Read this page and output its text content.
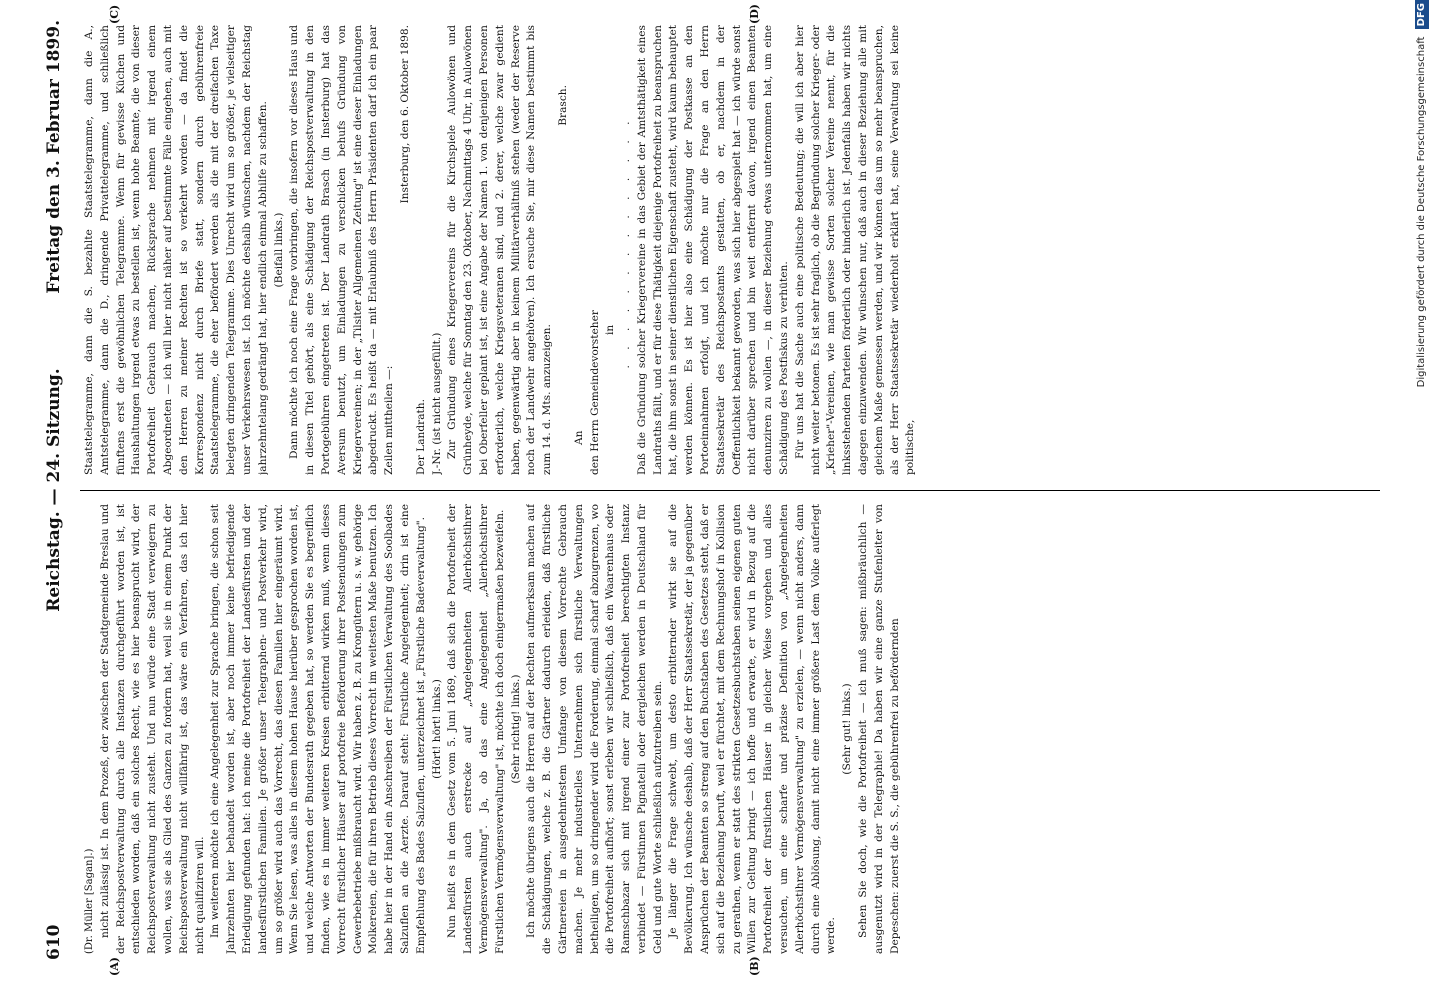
610
Reichstag. — 24. Sitzung.
Freitag den 3. Februar 1899.
(A)	(B)
(C)	(D)

(Dr. Müller [Sagan].) nicht zulässig ist. In dem Prozeß, der zwischen der Stadtgemeinde Breslau und der Reichspostverwaltung durch alle Instanzen durchgeführt worden ist, ist entschieden worden, daß ein solches Recht, wie es hier beansprucht wird, der Reichspostverwaltung nicht zusteht. Und nun würde eine Stadt verweigern zu wollen, was sie als Glied des Ganzen zu fordern hat, weil sie in einem Punkt der Reichspostverwaltung nicht willfährig ist, das wäre ein Verfahren, das ich hier nicht qualifiziren will. Im weiteren möchte ich eine Angelegenheit zur Sprache bringen, die schon seit Jahrzehnten hier behandelt worden ist, aber noch immer keine befriedigende Erledigung gefunden hat: ich meine die Portofreiheit der Landesfürsten und der landesfürstlichen Familien. Je größer unser Telegraphen- und Postverkehr wird, um so größer wird auch das Vorrecht, das diesen Familien hier eingeräumt wird. Wenn Sie lesen, was alles in diesem hohen Hause hierüber gesprochen worden ist, und welche Antworten der Bundesrath gegeben hat, so werden Sie es begreiflich finden, wie es in immer weiteren Kreisen erbitternd wirken muß, wenn dieses Vorrecht fürstlicher Häuser auf portofreie Beförderung ihrer Postsendungen zum Gewerbebetriebe mißbraucht wird. Wir haben z. B. zu Krongütern u. s. w. gehörige Molkereien, die für ihren Betrieb dieses Vorrecht im weitesten Maße benutzen. Ich habe hier in der Hand ein Anschreiben der Fürstlichen Verwaltung des Soolbades Salzuflen an die Aerzte. Darauf steht: Fürstliche Angelegenheit; drin ist eine Empfehlung des Bades Salzuflen, unterzeichnet ist „Fürstliche Badeverwaltung". (Hört! hört! links.) Nun heißt es in dem Gesetz vom 5. Juni 1869, daß sich die Portofreiheit der Landesfürsten auch erstrecke auf „Angelegenheiten Allerhöchstihrer Vermögensverwaltung". Ja, ob das eine Angelegenheit „Allerhöchstihrer Fürstlichen Vermögensverwaltung" ist, möchte ich doch einigermaßen bezweifeln. (Sehr richtig! links.) Ich möchte übrigens auch die Herren auf der Rechten aufmerksam machen auf die Schädigungen, welche z. B. die Gärtner dadurch erleiden, daß fürstliche Gärtnereien in ausgedehntestem Umfange von diesem Vorrechte Gebrauch machen. Je mehr industrielles Unternehmen sich fürstliche Verwaltungen betheiligen, um so dringender wird die Forderung, einmal scharf abzugrenzen, wo die Portofreiheit aufhört; sonst erleben wir schließlich, daß ein Waarenhaus oder Ramschbazar sich mit irgend einer zur Portofreiheit berechtigten Instanz verbindet — Fürstinnen Pignatelli oder dergleichen werden in Deutschland für Geld und gute Worte schließlich aufzutreiben sein. Je länger die Frage schwebt, um desto erbitternder wirkt sie auf die Bevölkerung. Ich wünsche deshalb, daß der Herr Staatssekretär, der ja gegenüber Ansprüchen der Beamten so streng auf den Buchstaben des Gesetzes steht, daß er sich auf die Beziehung beruft, weil er fürchtet, mit dem Rechnungshof in Kollision zu gerathen, wenn er statt des strikten Gesetzesbuchstaben seinen eigenen guten Willen zur Geltung bringt — ich hoffe und erwarte, er wird in Bezug auf die Portofreiheit der fürstlichen Häuser in gleicher Weise vorgehen und alles versuchen, um eine scharfe und präzise Definition von „Angelegenheiten Allerhöchstihrer Vermögensverwaltung" zu erzielen, — wenn nicht anders, dann durch eine Ablösung, damit nicht eine immer größere Last dem Volke auferlegt werde.

(Sehr gut! links.) Sehen Sie doch, wie die Portofreiheit — ich muß sagen: mißbräuchlich — ausgenutzt wird in der Telegraphie! Da haben wir eine ganze Stufenleiter von Depeschen: zuerst die S. S., die gebührenfrei zu befördernden

Staatstelegramme, dann die S. bezahlte Staatstelegramme, dann die A., Amtstelegramme, dann die D., dringende Privattelegramme, und schließlich fünftens erst die gewöhnlichen Telegramme. Wenn für gewisse Küchen und Haushaltungen irgend etwas zu bestellen ist, wenn hohe Beamte, die von dieser Portofreiheit Gebrauch machen, Rücksprache nehmen mit irgend einem Abgeordneten — ich will hier nicht näher auf bestimmte Fälle eingehen, auch mit den Herren zu meiner Rechten ist so verkehrt worden — da findet die Korrespondenz nicht durch Briefe statt, sondern durch gebührenfreie Staatstelegramme, die eher befördert werden als die mit der dreifachen Taxe belegten dringenden Telegramme. Dies Unrecht wird um so größer, je vielseitiger unser Verkehrswesen ist. Ich möchte deshalb wünschen, nachdem der Reichstag jahrzehntelang gedrängt hat, hier endlich einmal Abhilfe zu schaffen. (Beifall links.) Dann möchte ich noch eine Frage vorbringen, die insofern vor dieses Haus und in diesen Titel gehört, als eine Schädigung der Reichspostverwaltung in den Portogebühren eingetreten ist. Der Landrath Brasch (in Insterburg) hat das Aversum benutzt, um Einladungen zu verschicken behufs Gründung von Kriegervereinen; in der „Tilsiter Allgemeinen Zeitung" ist eine dieser Einladungen abgedruckt. Es heißt da — mit Erlaubniß des Herrn Präsidenten darf ich ein paar Zeilen mittheilen —:

Insterburg, den 6. Oktober 1898.

Der Landrath. J.-Nr. (ist nicht ausgefüllt.) Zur Gründung eines Kriegervereins für die Kirchspiele Aulowönen und Grünheyde, welche für Sonntag den 23. Oktober, Nachmittags 4 Uhr, in Aulowönen bei Oberfeller geplant ist, ist eine Angabe der Namen 1. von denjenigen Personen erforderlich, welche Kriegsveteranen sind, und 2. derer, welche zwar gedient haben, gegenwärtig aber in keinem Militärverhältniß stehen (weder der Reserve noch der Landwehr angehören). Ich ersuche Sie, mir diese Namen bestimmt bis zum 14. d. Mts. anzuzeigen.

Brasch.

An den Herrn Gemeindevorsteher in . . . . . . . . . . . . . . Daß die Gründung solcher Kriegervereine in das Gebiet der Amtsthätigkeit eines Landraths fällt, und er für diese Thätigkeit diejenige Portofreiheit zu beanspruchen hat, die ihm sonst in seiner dienstlichen Eigenschaft zusteht, wird kaum behauptet werden können. Es ist hier also eine Schädigung der Postkasse an den Portoeinnahmen erfolgt, und ich möchte nur die Frage an den Herrn Staatssekretär des Reichspostamts gestatten, ob er, nachdem in der Oeffentlichkeit bekannt geworden, was sich hier abgespielt hat — ich würde sonst nicht darüber sprechen und bin weit entfernt davon, irgend einen Beamten denunziren zu wollen —, in dieser Beziehung etwas unternommen hat, um eine Schädigung des Postfiskus zu verhüten. Für uns hat die Sache auch eine politische Bedeutung; die will ich aber hier nicht weiter betonen. Es ist sehr fraglich, ob die Begründung solcher Krieger- oder „Krieher"-Vereinen, wie man gewisse Sorten solcher Vereine nennt, für die linksstehenden Parteien förderlich oder hinderlich ist. Jedenfalls haben wir nichts dagegen einzuwenden. Wir wünschen nur, daß auch in dieser Beziehung alle mit gleichem Maße gemessen werden, und wir können das um so mehr beanspruchen, als der Herr Staatssekretär wiederholt erklärt hat, seine Verwaltung sei keine politische,

Digitalisierung gefördert durch die Deutsche Forschungsgemeinschaft DFG
